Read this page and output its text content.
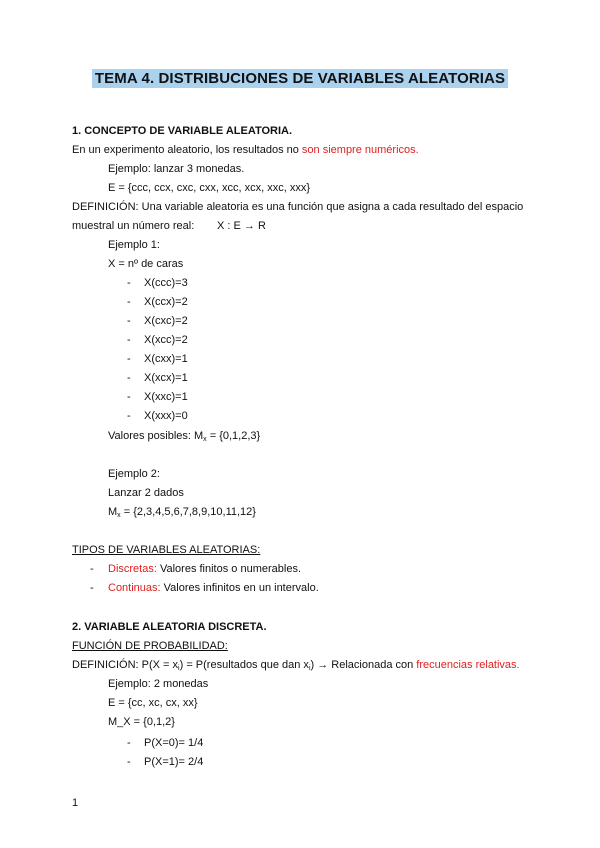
TEMA 4. DISTRIBUCIONES DE VARIABLES ALEATORIAS
1. CONCEPTO DE VARIABLE ALEATORIA.
En un experimento aleatorio, los resultados no son siempre numéricos.
Ejemplo: lanzar 3 monedas.
E = {ccc, ccx, cxc, cxx, xcc, xcx, xxc, xxx}
DEFINICIÓN: Una variable aleatoria es una función que asigna a cada resultado del espacio
muestral un número real: X : E → R
Ejemplo 1:
X = nº de caras
- X(ccc)=3
- X(ccx)=2
- X(cxc)=2
- X(xcc)=2
- X(cxx)=1
- X(xcx)=1
- X(xxc)=1
- X(xxx)=0
Valores posibles: $M_x = \{0,1,2,3\}$
Ejemplo 2:
Lanzar 2 dados
$M_x = \{2,3,4,5,6,7,8,9,10,11,12\}$
TIPOS DE VARIABLES ALEATORIAS:
- Discretas: Valores finitos o numerables.
- Continuas: Valores infinitos en un intervalo.
2. VARIABLE ALEATORIA DISCRETA.
FUNCIÓN DE PROBABILIDAD:
DEFINICIÓN: $P(X = x_i)$ = P(resultados que dan $x_i$) → Relacionada con frecuencias relativas.
Ejemplo: 2 monedas
E = {cc, xc, cx, xx}
M_X = {0,1,2}
- P(X=0)= 1/4
- P(X=1)= 2/4
1
